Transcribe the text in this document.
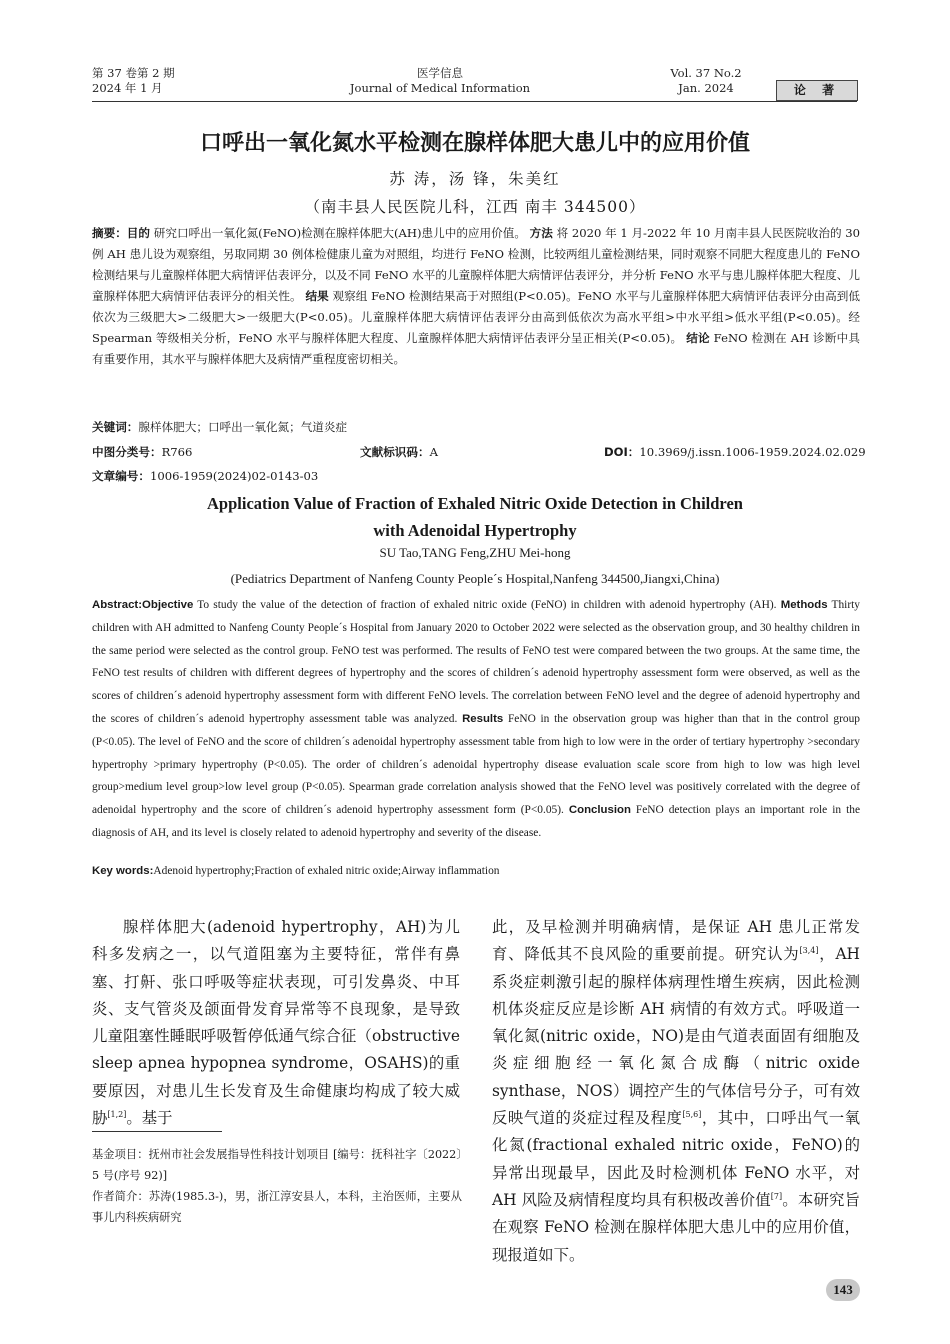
第 37 卷第 2 期
2024 年 1 月
医学信息
Journal of Medical Information
Vol. 37 No.2
Jan. 2024	论 著
口呼出一氧化氮水平检测在腺样体肥大患儿中的应用价值
苏 涛，汤 锋，朱美红
（南丰县人民医院儿科，江西 南丰 344500）
摘要：目的 研究口呼出一氧化氮(FeNO)检测在腺样体肥大(AH)患儿中的应用价值。 方法 将 2020 年 1 月-2022 年 10 月南丰县人民医院收治的 30 例 AH 患儿设为观察组，另取同期 30 例体检健康儿童为对照组，均进行 FeNO 检测，比较两组儿童检测结果，同时观察不同肥大程度患儿的 FeNO 检测结果与儿童腺样体肥大病情评估表评分，以及不同 FeNO 水平的儿童腺样体肥大病情评估表评分，并分析 FeNO 水平与患儿腺样体肥大程度、儿童腺样体肥大病情评估表评分的相关性。 结果 观察组 FeNO 检测结果高于对照组(P<0.05)。FeNO 水平与儿童腺样体肥大病情评估表评分由高到低依次为三级肥大>二级肥大>一级肥大(P<0.05)。儿童腺样体肥大病情评估表评分由高到低依次为高水平组>中水平组>低水平组(P<0.05)。经 Spearman 等级相关分析，FeNO 水平与腺样体肥大程度、儿童腺样体肥大病情评估表评分呈正相关(P<0.05)。 结论 FeNO 检测在 AH 诊断中具有重要作用，其水平与腺样体肥大及病情严重程度密切相关。
关键词：腺样体肥大；口呼出一氧化氮；气道炎症
中图分类号：R766	文献标识码：A	DOI：10.3969/j.issn.1006-1959.2024.02.029
文章编号：1006-1959(2024)02-0143-03
Application Value of Fraction of Exhaled Nitric Oxide Detection in Children
with Adenoidal Hypertrophy
SU Tao,TANG Feng,ZHU Mei-hong
(Pediatrics Department of Nanfeng County People´s Hospital,Nanfeng 344500,Jiangxi,China)
Abstract:Objective To study the value of the detection of fraction of exhaled nitric oxide (FeNO) in children with adenoid hypertrophy (AH). Methods Thirty children with AH admitted to Nanfeng County People´s Hospital from January 2020 to October 2022 were selected as the observation group, and 30 healthy children in the same period were selected as the control group. FeNO test was performed. The results of FeNO test were compared between the two groups. At the same time, the FeNO test results of children with different degrees of hypertrophy and the scores of children´s adenoid hypertrophy assessment form were observed, as well as the scores of children´s adenoid hypertrophy assessment form with different FeNO levels. The correlation between FeNO level and the degree of adenoid hypertrophy and the scores of children´s adenoid hypertrophy assessment table was analyzed. Results FeNO in the observation group was higher than that in the control group (P<0.05). The level of FeNO and the score of children´s adenoidal hypertrophy assessment table from high to low were in the order of tertiary hypertrophy >secondary hypertrophy >primary hypertrophy (P<0.05). The order of children´s adenoidal hypertrophy disease evaluation scale score from high to low was high level group>medium level group>low level group (P<0.05). Spearman grade correlation analysis showed that the FeNO level was positively correlated with the degree of adenoidal hypertrophy and the score of children´s adenoid hypertrophy assessment form (P<0.05). Conclusion FeNO detection plays an important role in the diagnosis of AH, and its level is closely related to adenoid hypertrophy and severity of the disease.
Key words:Adenoid hypertrophy;Fraction of exhaled nitric oxide;Airway inflammation
腺样体肥大(adenoid hypertrophy，AH)为儿科多发病之一，以气道阻塞为主要特征，常伴有鼻塞、打鼾、张口呼吸等症状表现，可引发鼻炎、中耳炎、支气管炎及颌面骨发育异常等不良现象，是导致儿童阻塞性睡眠呼吸暂停低通气综合征（obstructive sleep apnea hypopnea syndrome，OSAHS)的重要原因，对患儿生长发育及生命健康均构成了较大威胁[1,2]。基于
此，及早检测并明确病情，是保证 AH 患儿正常发育、降低其不良风险的重要前提。研究认为[3,4]，AH 系炎症刺激引起的腺样体病理性增生疾病，因此检测机体炎症反应是诊断 AH 病情的有效方式。呼吸道一氧化氮(nitric oxide，NO)是由气道表面固有细胞及炎症细胞经一氧化氮合成酶（nitric oxide synthase，NOS）调控产生的气体信号分子，可有效反映气道的炎症过程及程度[5,6]，其中，口呼出气一氧化氮(fractional exhaled nitric oxide，FeNO)的异常出现最早，因此及时检测机体 FeNO 水平，对 AH 风险及病情程度均具有积极改善价值[7]。本研究旨在观察 FeNO 检测在腺样体肥大患儿中的应用价值，现报道如下。
基金项目：抚州市社会发展指导性科技计划项目 [编号：抚科社字〔2022〕5 号(序号 92)]
作者简介：苏涛(1985.3-)，男，浙江淳安县人，本科，主治医师，主要从事儿内科疾病研究
143
